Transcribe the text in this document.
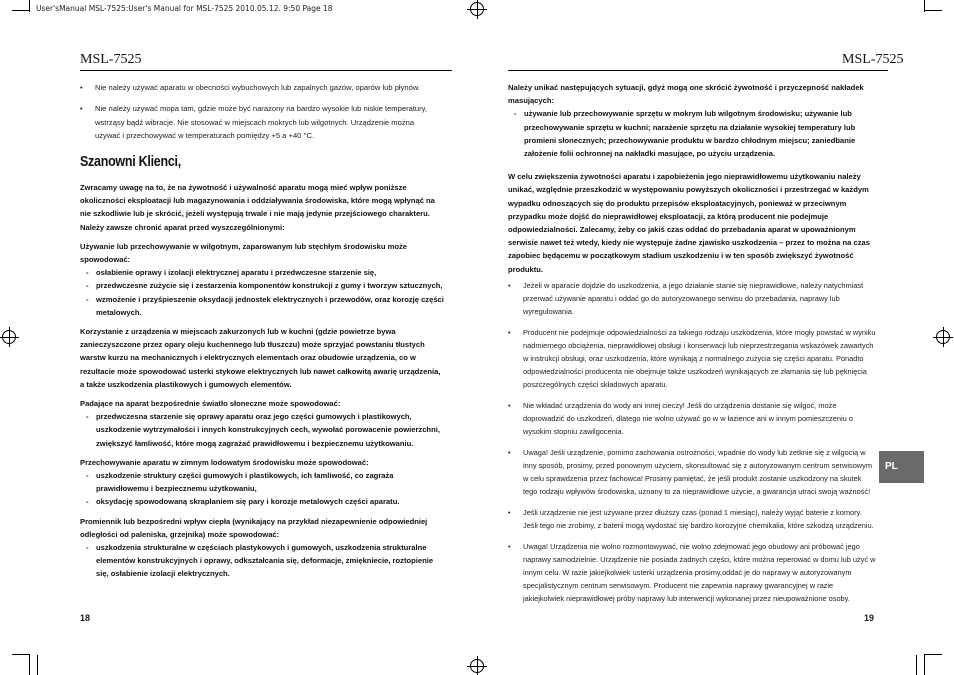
User'sManual MSL-7525:User's Manual for MSL-7525 2010.05.12. 9:50 Page 18
MSL-7525
• Nie należy używać aparatu w obecności wybuchowych lub zapalnych gazów, oparów lub płynów.
• Nie należy używać mopa tam, gdzie może być narażony na bardzo wysokie lub niskie temperatury, wstrząsy bądź wibracje. Nie stosować w miejscach mokrych lub wilgotnych. Urządzenie można używać i przechowywać w temperaturach pomiędzy +5 a +40 °C.
Szanowni Klienci,

Zwracamy uwagę na to, że na żywotność i używalność aparatu mogą mieć wpływ poniższe okoliczności eksploatacji lub magazynowania i oddziaływania środowiska, które mogą wpłynąć na nie szkodliwie lub je skrócić, jeżeli występują trwale i nie mają jedynie przejściowego charakteru. Należy zawsze chronić aparat przed wyszczególnionymi:

Używanie lub przechowywanie w wilgotnym, zaparowanym lub stęchłym środowisku może spowodować:

- osłabienie oprawy i izolacji elektrycznej aparatu i przedwczesne starzenie się,
- przedwczesne zużycie się i zestarzenia komponentów konstrukcji z gumy i tworzyw sztucznych,
- wzmożenie i przyśpieszenie oksydacji jednostek elektrycznych i przewodów, oraz korozję części metalowych.

Korzystanie z urządzenia w miejscach zakurzonych lub w kuchni (gdzie powietrze bywa zanieczyszczone przez opary oleju kuchennego lub tłuszczu) może sprzyjać powstaniu tłustych warstw kurzu na mechanicznych i elektrycznych elementach oraz obudowie urządzenia, co w rezultacie może spowodować usterki stykowe elektrycznych lub nawet całkowitą awarię urządzenia, a także uszkodzenia plastikowych i gumowych elementów.

Padające na aparat bezpośrednie światło słoneczne może spowodować:

- przedwczesna starzenie się oprawy aparatu oraz jego części gumowych i plastikowych, uszkodzenie wytrzymałości i innych konstrukcyjnych cech, wywołać porowacenie powierzchni, zwiększyć łamliwość, które mogą zagrażać prawidłowemu i bezpiecznemu użytkowaniu.

Przechowywanie aparatu w zimnym lodowatym środowisku może spowodować:

- uszkodzenie struktury części gumowych i plastikowych, ich łamliwość, co zagraża prawidłowemu i bezpiecznemu użytkowaniu,
- oksydację spowodowaną skraplaniem się pary i korozje metalowych części aparatu.

Promiennik lub bezpośredni wpływ ciepła (wynikający na przykład niezapewnienie odpowiedniej odległości od paleniska, grzejnika) może spowodować:

- uszkodzenia strukturalne w częściach plastykowych i gumowych, uszkodzenia strukturalne elementów konstrukcyjnych i oprawy, odkształcania się, deformacje, zmiękniecie, roztopienie się, osłabienie izolacji elektrycznych.
18	19
MSL-7525

Należy unikać następujących sytuacji, gdyż mogą one skrócić żywotność i przyczepność nakładek masujących:

- używanie lub przechowywanie sprzętu w mokrym lub wilgotnym środowisku; używanie lub przechowywanie sprzętu w kuchni; narażenie sprzętu na działanie wysokiej temperatury lub promieni słonecznych; przechowywanie produktu w bardzo chłodnym miejscu; zaniedbanie założenie folii ochronnej na nakładki masujące, po użyciu urządzenia.

W celu zwiększenia żywotności aparatu i zapobieżenia jego nieprawidłowemu użytkowaniu należy unikać, względnie przeszkodzić w występowaniu powyższych okoliczności i przestrzegać w każdym wypadku odnoszących się do produktu przepisów eksploatacyjnych, ponieważ w przeciwnym przypadku może dojść do nieprawidłowej eksploatacji, za którą producent nie podejmuje odpowiedzialności. Zalecamy, żeby co jakiś czas oddać do przebadania aparat w upoważnionym serwisie nawet też wtedy, kiedy nie występuje żadne zjawisko uszkodzenia – przez to można na czas zapobiec będącemu w początkowym stadium uszkodzeniu i w ten sposób zwiększyć żywotność produktu.

• Jeżeli w aparacie dojdzie do uszkodzenia, a jego działanie stanie się nieprawidłowe, należy natychmiast przerwać używanie aparatu i oddać go do autoryzowanego serwisu do przebadania, naprawy lub wyregulowania.
• Producent nie podejmuje odpowiedzialności za takiego rodzaju uszkodzenia, które mogły powstać w wyniku nadmiernego obciążenia, nieprawidłowej obsługi i konserwacji lub nieprzestrzegania wskazówek zawartych w instrukcji obsługi, oraz uszkodzenia, które wynikają z normalnego zużycia się części aparatu. Ponadto odpowiedzialności producenta nie obejmuje także uszkodzeń wynikających ze złamania się lub pęknięcia poszczególnych części składowych aparatu.
• Nie wkładać urządzenia do wody ani innej cieczy! Jeśli do urządzenia dostanie się wilgoć, może doprowadzić do uszkodzeń, dlatego nie wolno używać go w w łazience ani w innym pomieszczeniu o wysokim stopniu zawilgocenia.
• Uwaga! Jeśli urządzenie, pomimo zachowania ostrożności, wpadnie do wody lub zetknie się z wilgocią w inny sposób, prosimy, przed ponownym użyciem, skonsultować się z autoryzowanym centrum serwisowym w celu sprawdzenia przez fachowca! Prosimy pamiętać, że jeśli produkt zostanie uszkodzony na skutek tego rodzaju wpływów środowiska, uznany to za nieprawidłowe użycie, a gwarancja utraci swoją ważność!
• Jeśli urządzenie nie jest używane przez dłuższy czas (ponad 1 miesiąc), należy wyjąć baterie z komory. Jeśli tego nie zrobimy, z baterii mogą wydostać się bardzo korozyjne chemikalia, które szkodzą urządzeniu.
• Uwaga! Urządzenia nie wolno rozmontowywać, nie wolno zdejmować jego obudowy ani próbować jego naprawy samodzielnie. Urządzenie nie posiada żadnych części, które można reperować w domu lub użyć w innym celu. W razie jakiejkolwiek usterki urządzenia prosimy,oddać je do naprawy w autoryzowanym specjalistycznym centrum serwisowym. Producent nie zapewnia naprawy gwarancyjnej w razie jakiejkolwiek nieprawidłowej próby naprawy lub interwencji wykonanej przez nieupoważnione osoby.
PL
